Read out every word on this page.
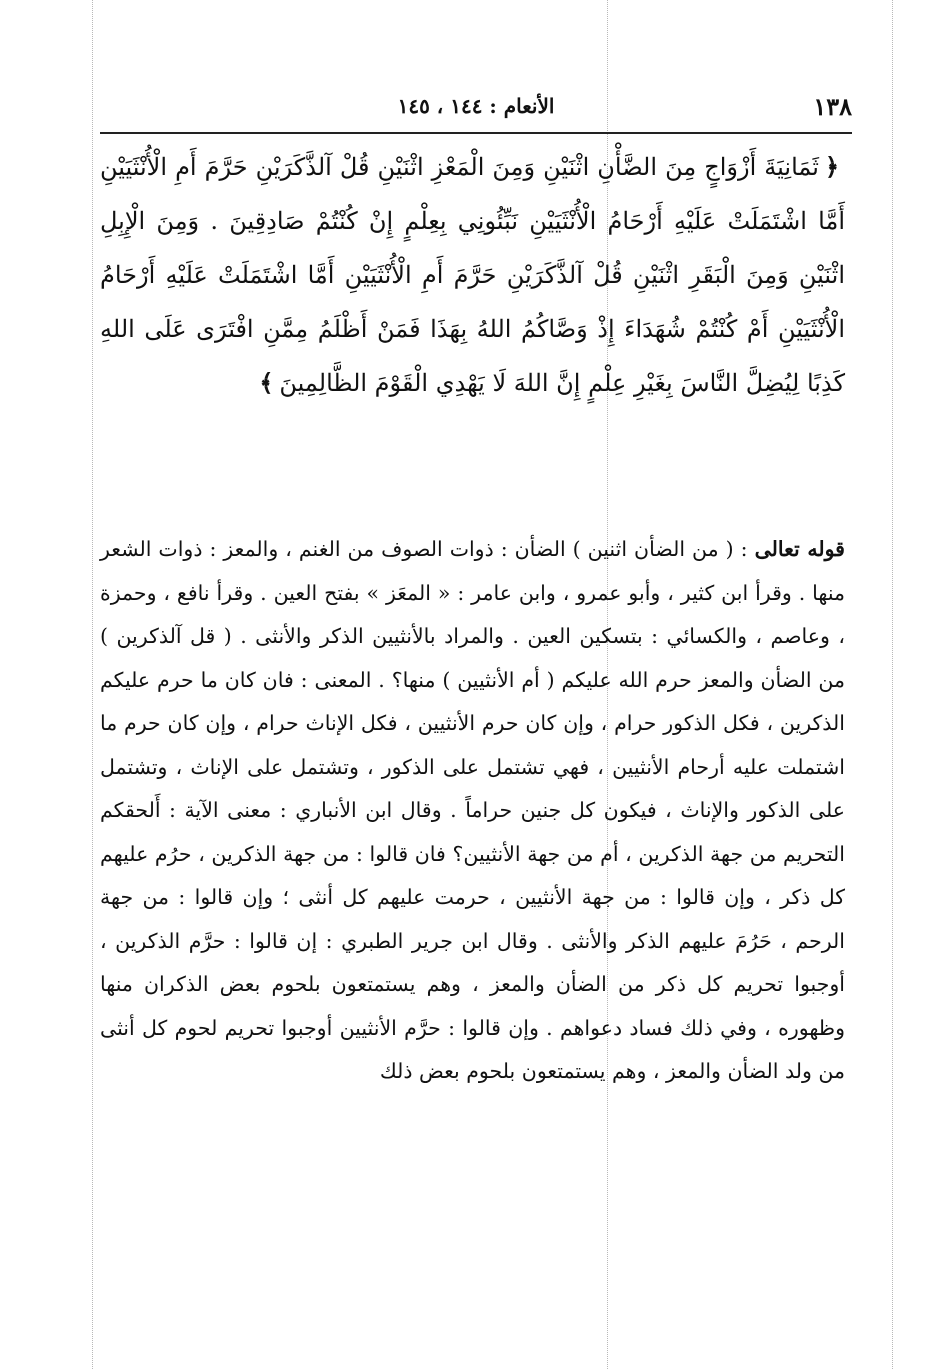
١٣٨
الأنعام : ١٤٤ ، ١٤٥
﴿ثَمَانِيَةَ أَزْوَاجٍ مِنَ الضَّأْنِ اثْنَيْنِ وَمِنَ الْمَعْزِ اثْنَيْنِ قُلْ آلذَّكَرَيْنِ حَرَّمَ أَمِ الْأُنْثَيَيْنِ أَمَّا اشْتَمَلَتْ عَلَيْهِ أَرْحَامُ الْأُنْثَيَيْنِ نَبِّئُونِي بِعِلْمٍ إِنْ كُنْتُمْ صَادِقِينَ . وَمِنَ الْإِبِلِ اثْنَيْنِ وَمِنَ الْبَقَرِ اثْنَيْنِ قُلْ آلذَّكَرَيْنِ حَرَّمَ أَمِ الْأُنْثَيَيْنِ أَمَّا اشْتَمَلَتْ عَلَيْهِ أَرْحَامُ الْأُنْثَيَيْنِ أَمْ كُنْتُمْ شُهَدَاءَ إِذْ وَصَّاكُمُ اللهُ بِهَذَا فَمَنْ أَظْلَمُ مِمَّنِ افْتَرَى عَلَى اللهِ كَذِبًا لِيُضِلَّ النَّاسَ بِغَيْرِ عِلْمٍ إِنَّ اللهَ لَا يَهْدِي الْقَوْمَ الظَّالِمِينَ﴾
قوله تعالى : ( من الضأن اثنين ) الضأن : ذوات الصوف من الغنم ، والمعز : ذوات الشعر منها . وقرأ ابن كثير ، وأبو عمرو ، وابن عامر : « المعَز » بفتح العين . وقرأ نافع ، وحمزة ، وعاصم ، والكسائي : بتسكين العين . والمراد بالأنثيين الذكر والأنثى . ( قل آلذكرين ) من الضأن والمعز حرم الله عليكم ( أم الأنثيين ) منها؟ . المعنى : فان كان ما حرم عليكم الذكرين ، فكل الذكور حرام ، وإن كان حرم الأنثيين ، فكل الإناث حرام ، وإن كان حرم ما اشتملت عليه أرحام الأنثيين ، فهي تشتمل على الذكور ، وتشتمل على الإناث ، وتشتمل على الذكور والإناث ، فيكون كل جنين حراماً . وقال ابن الأنباري : معنى الآية : أَلحقكم التحريم من جهة الذكرين ، أم من جهة الأنثيين؟ فان قالوا : من جهة الذكرين ، حرُم عليهم كل ذكر ، وإن قالوا : من جهة الأنثيين ، حرمت عليهم كل أنثى ؛ وإن قالوا : من جهة الرحم ، حَرُمَ عليهم الذكر والأنثى . وقال ابن جرير الطبري : إن قالوا : حرَّم الذكرين ، أوجبوا تحريم كل ذكر من الضأن والمعز ، وهم يستمتعون بلحوم بعض الذكران منها وظهوره ، وفي ذلك فساد دعواهم . وإن قالوا : حرَّم الأنثيين أوجبوا تحريم لحوم كل أنثى من ولد الضأن والمعز ، وهم يستمتعون بلحوم بعض ذلك
